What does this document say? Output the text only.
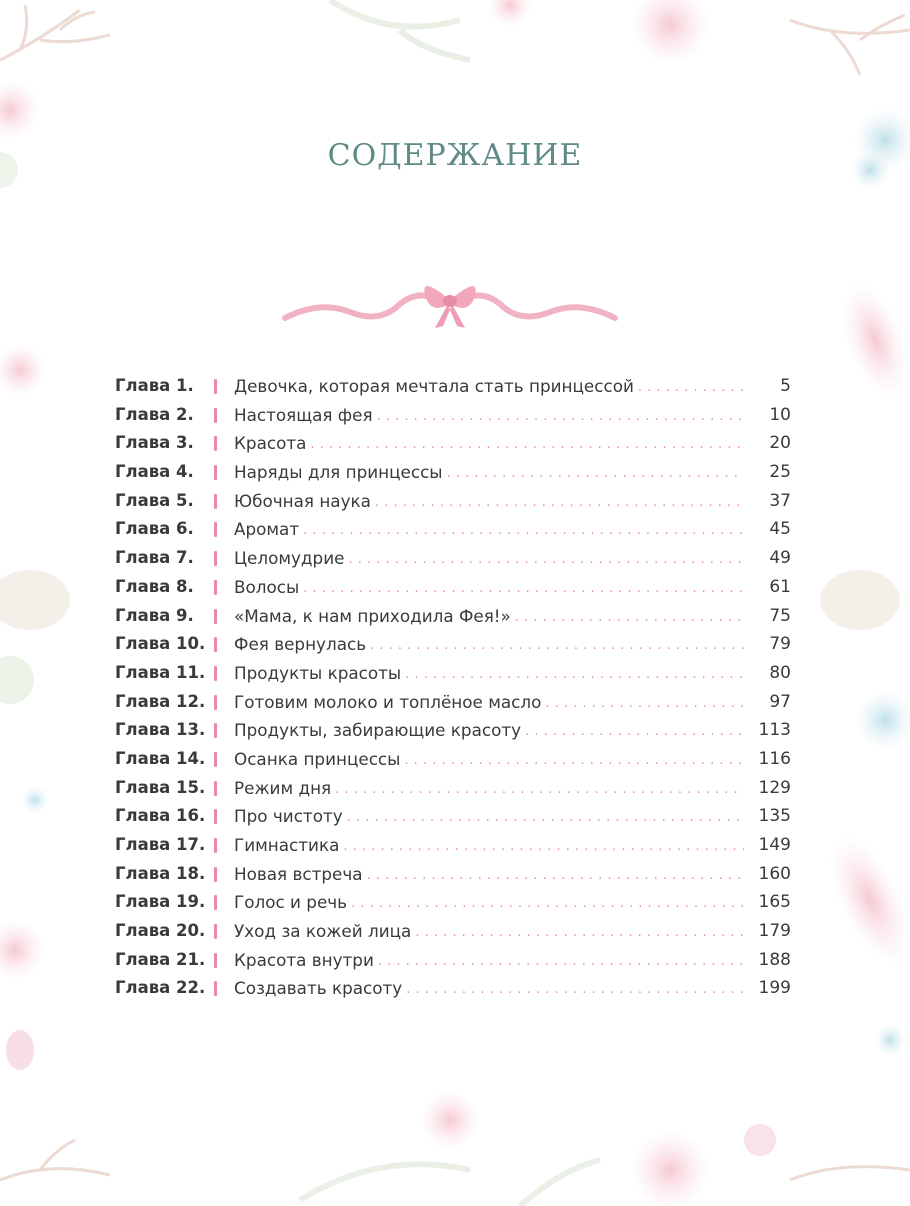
СОДЕРЖАНИЕ
Глава 1. Девочка, которая мечтала стать принцессой . . .	5
Глава 2. Настоящая фея . . .	10
Глава 3. Красота . . .	20
Глава 4. Наряды для принцессы . . .	25
Глава 5. Юбочная наука . . .	37
Глава 6. Аромат . . .	45
Глава 7. Целомудрие . . .	49
Глава 8. Волосы . . .	61
Глава 9. «Мама, к нам приходила Фея!» . . .	75
Глава 10. Фея вернулась . . .	79
Глава 11. Продукты красоты . . .	80
Глава 12. Готовим молоко и топлёное масло . . .	97
Глава 13. Продукты, забирающие красоту . . .	113
Глава 14. Осанка принцессы . . .	116
Глава 15. Режим дня . . .	129
Глава 16. Про чистоту . . .	135
Глава 17. Гимнастика . . .	149
Глава 18. Новая встреча . . .	160
Глава 19. Голос и речь . . .	165
Глава 20. Уход за кожей лица . . .	179
Глава 21. Красота внутри . . .	188
Глава 22. Создавать красоту . . .	199
